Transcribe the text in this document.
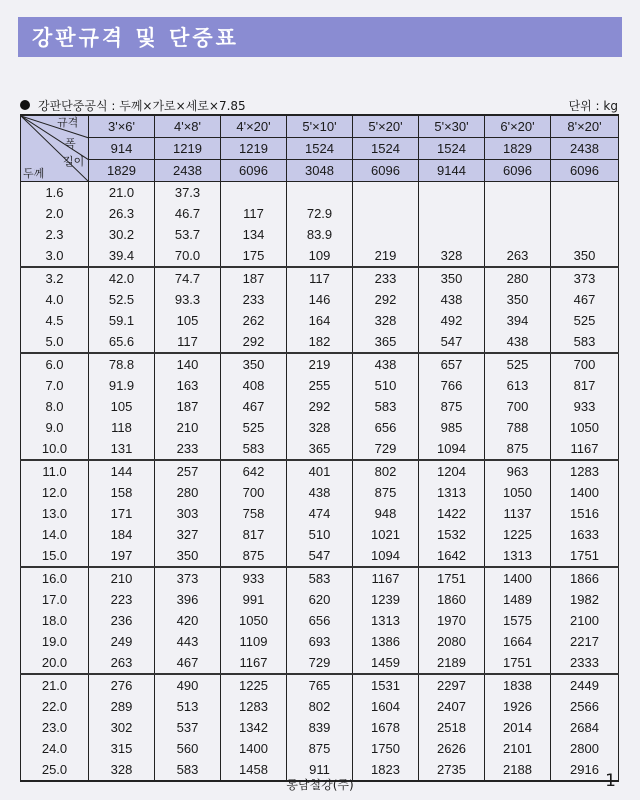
강판규격 및 단중표
강판단중공식 : 두께×가로×세로×7.85	단위 : kg
규격
폭
길이
두께	3'×6'	4'×8'	4'×20'	5'×10'	5'×20'	5'×30'	6'×20'	8'×20'
	914	1219	1219	1524	1524	1524	1829	2438
	1829	2438	6096	3048	6096	9144	6096	6096
1.6	21.0	37.3						
2.0	26.3	46.7	117	72.9				
2.3	30.2	53.7	134	83.9				
3.0	39.4	70.0	175	109	219	328	263	350
3.2	42.0	74.7	187	117	233	350	280	373
4.0	52.5	93.3	233	146	292	438	350	467
4.5	59.1	105	262	164	328	492	394	525
5.0	65.6	117	292	182	365	547	438	583
6.0	78.8	140	350	219	438	657	525	700
7.0	91.9	163	408	255	510	766	613	817
8.0	105	187	467	292	583	875	700	933
9.0	118	210	525	328	656	985	788	1050
10.0	131	233	583	365	729	1094	875	1167
11.0	144	257	642	401	802	1204	963	1283
12.0	158	280	700	438	875	1313	1050	1400
13.0	171	303	758	474	948	1422	1137	1516
14.0	184	327	817	510	1021	1532	1225	1633
15.0	197	350	875	547	1094	1642	1313	1751
16.0	210	373	933	583	1167	1751	1400	1866
17.0	223	396	991	620	1239	1860	1489	1982
18.0	236	420	1050	656	1313	1970	1575	2100
19.0	249	443	1109	693	1386	2080	1664	2217
20.0	263	467	1167	729	1459	2189	1751	2333
21.0	276	490	1225	765	1531	2297	1838	2449
22.0	289	513	1283	802	1604	2407	1926	2566
23.0	302	537	1342	839	1678	2518	2014	2684
24.0	315	560	1400	875	1750	2626	2101	2800
25.0	328	583	1458	911	1823	2735	2188	2916
동남철강(주)	1
